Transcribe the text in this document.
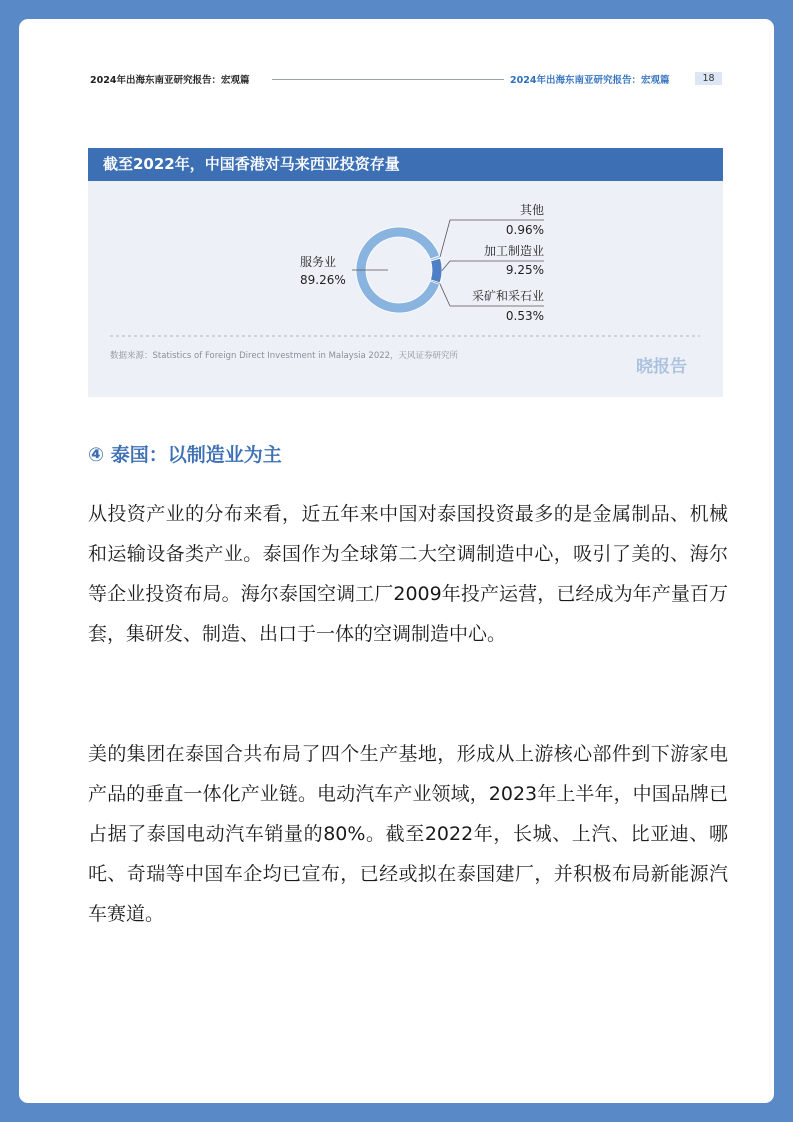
2024年出海东南亚研究报告：宏观篇	2024年出海东南亚研究报告：宏观篇	18
截至2022年，中国香港对马来西亚投资存量
服务业
89.26%
其他
0.96%
加工制造业
9.25%
采矿和采石业
0.53%
数据来源：Statistics of Foreign Direct Investment in Malaysia 2022，天风证券研究所
晓报告
④ 泰国：以制造业为主

从投资产业的分布来看，近五年来中国对泰国投资最多的是金属制品、机械和运输设备类产业。泰国作为全球第二大空调制造中心，吸引了美的、海尔等企业投资布局。海尔泰国空调工厂2009年投产运营，已经成为年产量百万套，集研发、制造、出口于一体的空调制造中心。

美的集团在泰国合共布局了四个生产基地，形成从上游核心部件到下游家电产品的垂直一体化产业链。电动汽车产业领域，2023年上半年，中国品牌已占据了泰国电动汽车销量的80%。截至2022年，长城、上汽、比亚迪、哪吒、奇瑞等中国车企均已宣布，已经或拟在泰国建厂，并积极布局新能源汽车赛道。
